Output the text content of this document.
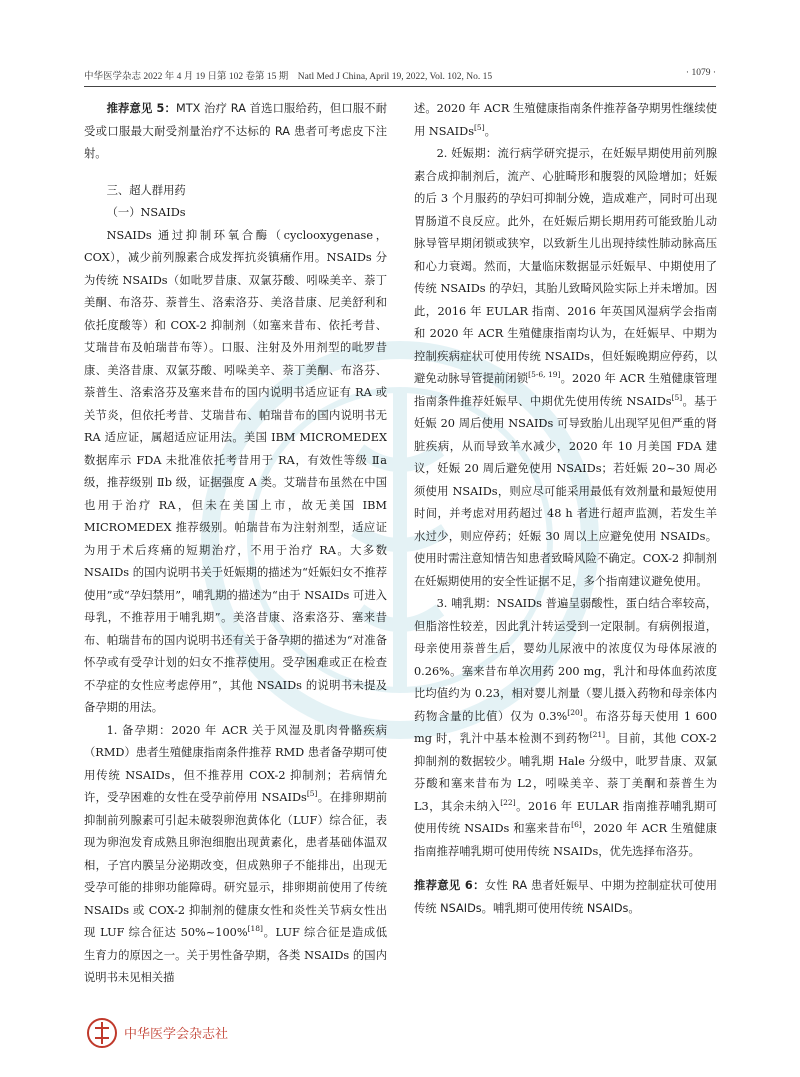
中华医学杂志 2022 年 4 月 19 日第 102 卷第 15 期　Natl Med J China, April 19, 2022, Vol. 102, No. 15	· 1079 ·

推荐意见 5：MTX 治疗 RA 首选口服给药，但口服不耐受或口服最大耐受剂量治疗不达标的 RA 患者可考虑皮下注射。

三、超人群用药

（一）NSAIDs

NSAIDs 通过抑制环氧合酶（cyclooxygenase，COX），减少前列腺素合成发挥抗炎镇痛作用。NSAIDs 分为传统 NSAIDs（如吡罗昔康、双氯芬酸、吲哚美辛、萘丁美酮、布洛芬、萘普生、洛索洛芬、美洛昔康、尼美舒利和依托度酸等）和 COX-2 抑制剂（如塞来昔布、依托考昔、艾瑞昔布及帕瑞昔布等）。口服、注射及外用剂型的吡罗昔康、美洛昔康、双氯芬酸、吲哚美辛、萘丁美酮、布洛芬、萘普生、洛索洛芬及塞来昔布的国内说明书适应证有 RA 或关节炎，但依托考昔、艾瑞昔布、帕瑞昔布的国内说明书无 RA 适应证，属超适应证用法。美国 IBM MICROMEDEX 数据库示 FDA 未批准依托考昔用于 RA，有效性等级 Ⅱa 级，推荐级别 Ⅱb 级，证据强度 A 类。艾瑞昔布虽然在中国也用于治疗 RA，但未在美国上市，故无美国 IBM MICROMEDEX 推荐级别。帕瑞昔布为注射剂型，适应证为用于术后疼痛的短期治疗，不用于治疗 RA。大多数 NSAIDs 的国内说明书关于妊娠期的描述为“妊娠妇女不推荐使用”或“孕妇禁用”，哺乳期的描述为“由于 NSAIDs 可进入母乳，不推荐用于哺乳期”。美洛昔康、洛索洛芬、塞来昔布、帕瑞昔布的国内说明书还有关于备孕期的描述为“对准备怀孕或有受孕计划的妇女不推荐使用。受孕困难或正在检查不孕症的女性应考虑停用”，其他 NSAIDs 的说明书未提及备孕期的用法。

1. 备孕期：2020 年 ACR 关于风湿及肌肉骨骼疾病（RMD）患者生殖健康指南条件推荐 RMD 患者备孕期可使用传统 NSAIDs，但不推荐用 COX-2 抑制剂；若病情允许，受孕困难的女性在受孕前停用 NSAIDs[5]。在排卵期前抑制前列腺素可引起未破裂卵泡黄体化（LUF）综合征，表现为卵泡发育成熟且卵泡细胞出现黄素化，患者基础体温双相，子宫内膜呈分泌期改变，但成熟卵子不能排出，出现无受孕可能的排卵功能障碍。研究显示，排卵期前使用了传统 NSAIDs 或 COX-2 抑制剂的健康女性和炎性关节病女性出现 LUF 综合征达 50%~100%[18]。LUF 综合征是造成低生育力的原因之一。关于男性备孕期，各类 NSAIDs 的国内说明书未见相关描

述。2020 年 ACR 生殖健康指南条件推荐备孕期男性继续使用 NSAIDs[5]。

2. 妊娠期：流行病学研究提示，在妊娠早期使用前列腺素合成抑制剂后，流产、心脏畸形和腹裂的风险增加；妊娠的后 3 个月服药的孕妇可抑制分娩，造成难产，同时可出现胃肠道不良反应。此外，在妊娠后期长期用药可能致胎儿动脉导管早期闭锁或狭窄，以致新生儿出现持续性肺动脉高压和心力衰竭。然而，大量临床数据显示妊娠早、中期使用了传统 NSAIDs 的孕妇，其胎儿致畸风险实际上并未增加。因此，2016 年 EULAR 指南、2016 年英国风湿病学会指南和 2020 年 ACR 生殖健康指南均认为，在妊娠早、中期为控制疾病症状可使用传统 NSAIDs，但妊娠晚期应停药，以避免动脉导管提前闭锁[5-6, 19]。2020 年 ACR 生殖健康管理指南条件推荐妊娠早、中期优先使用传统 NSAIDs[5]。基于妊娠 20 周后使用 NSAIDs 可导致胎儿出现罕见但严重的肾脏疾病，从而导致羊水减少，2020 年 10 月美国 FDA 建议，妊娠 20 周后避免使用 NSAIDs；若妊娠 20~30 周必须使用 NSAIDs，则应尽可能采用最低有效剂量和最短使用时间，并考虑对用药超过 48 h 者进行超声监测，若发生羊水过少，则应停药；妊娠 30 周以上应避免使用 NSAIDs。使用时需注意知情告知患者致畸风险不确定。COX-2 抑制剂在妊娠期使用的安全性证据不足，多个指南建议避免使用。

3. 哺乳期：NSAIDs 普遍呈弱酸性，蛋白结合率较高，但脂溶性较差，因此乳汁转运受到一定限制。有病例报道，母亲使用萘普生后，婴幼儿尿液中的浓度仅为母体尿液的 0.26%。塞来昔布单次用药 200 mg，乳汁和母体血药浓度比均值约为 0.23，相对婴儿剂量（婴儿摄入药物和母亲体内药物含量的比值）仅为 0.3%[20]。布洛芬每天使用 1 600 mg 时，乳汁中基本检测不到药物[21]。目前，其他 COX-2 抑制剂的数据较少。哺乳期 Hale 分级中，吡罗昔康、双氯芬酸和塞来昔布为 L2，吲哚美辛、萘丁美酮和萘普生为 L3，其余未纳入[22]。2016 年 EULAR 指南推荐哺乳期可使用传统 NSAIDs 和塞来昔布[6]，2020 年 ACR 生殖健康指南推荐哺乳期可使用传统 NSAIDs，优先选择布洛芬。

推荐意见 6：女性 RA 患者妊娠早、中期为控制症状可使用传统 NSAIDs。哺乳期可使用传统 NSAIDs。

中华医学会杂志社
